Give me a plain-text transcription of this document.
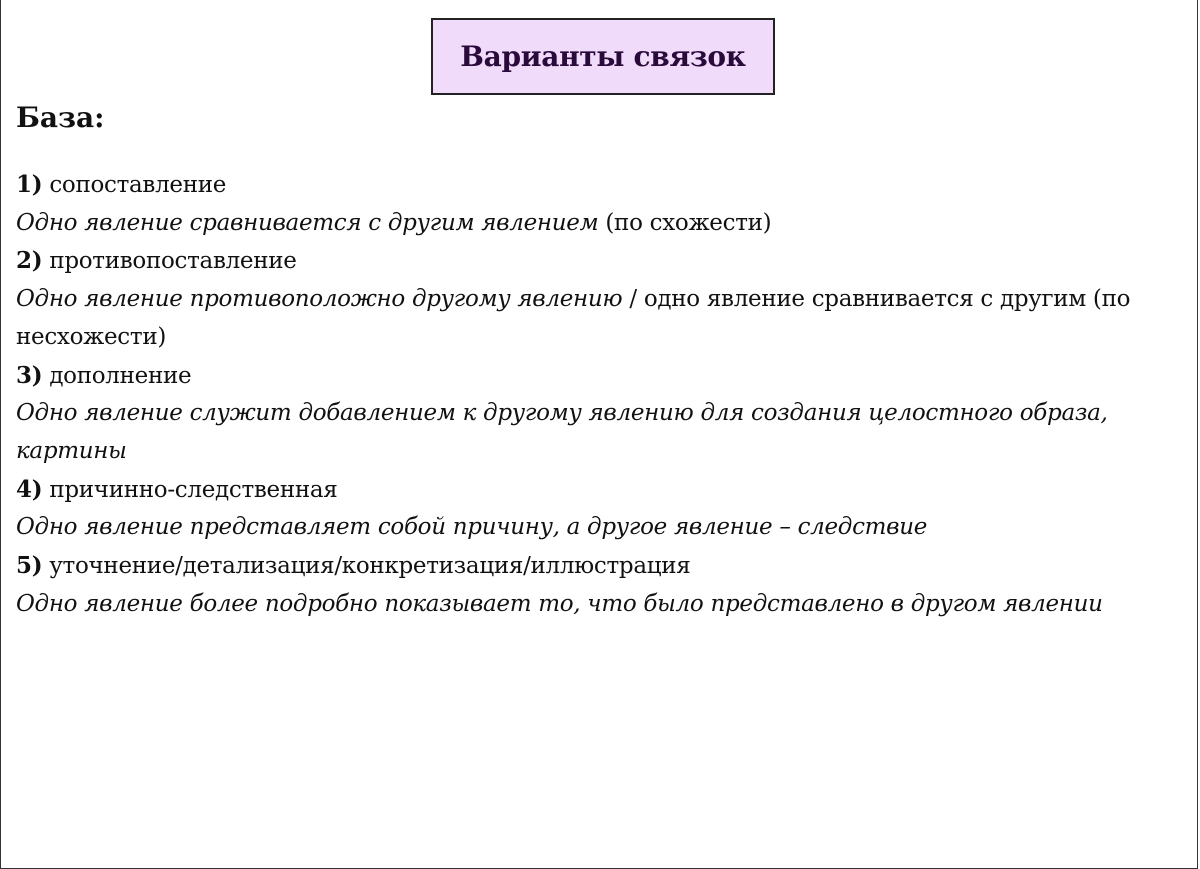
Варианты связок
База:

1) сопоставление

Одно явление сравнивается с другим явлением (по схожести)

2) противопоставление

Одно явление противоположно другому явлению / одно явление сравнивается с другим (по несхожести)

3) дополнение

Одно явление служит добавлением к другому явлению для создания целостного образа, картины

4) причинно-следственная

Одно явление представляет собой причину, а другое явление – следствие

5) уточнение/детализация/конкретизация/иллюстрация

Одно явление более подробно показывает то, что было представлено в другом явлении
